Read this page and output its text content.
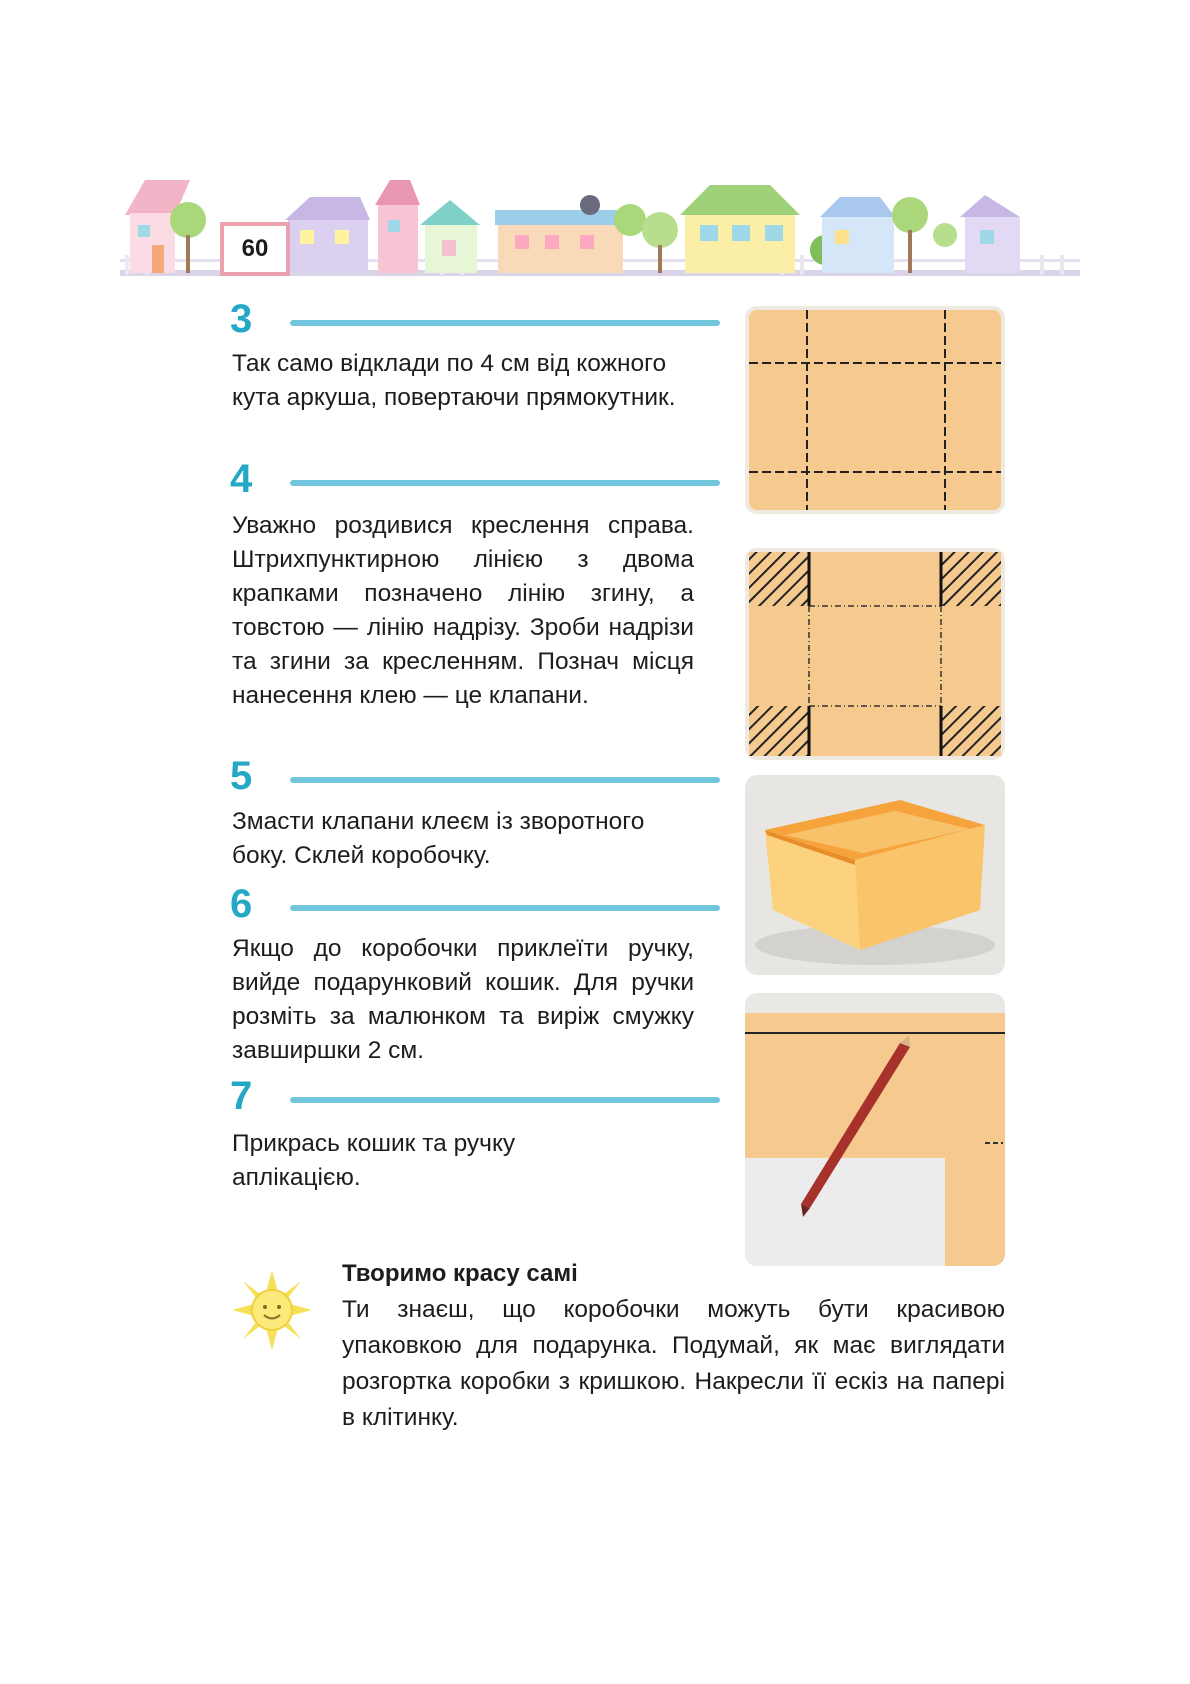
60
3

Так само відклади по 4 см від кожного кута аркуша, повертаючи прямокутник.

4

Уважно роздивися креслення справа. Штрихпунктирною лінією з двома крапками позначено лінію згину, а товстою — лінію надрізу. Зроби надрізи та згини за кресленням. Познач місця нанесення клею — це клапани.

5

Змасти клапани клеєм із зворотного боку. Склей коробочку.

6

Якщо до коробочки приклеїти ручку, вийде подарунковий кошик. Для ручки розміть за малюнком та виріж смужку завширшки 2 см.

7

Прикрась кошик та ручку аплікацією.

Творимо красу самі

Ти знаєш, що коробочки можуть бути красивою упаковкою для подарунка. Подумай, як має виглядати розгортка коробки з кришкою. Накресли її ескіз на папері в клітинку.
